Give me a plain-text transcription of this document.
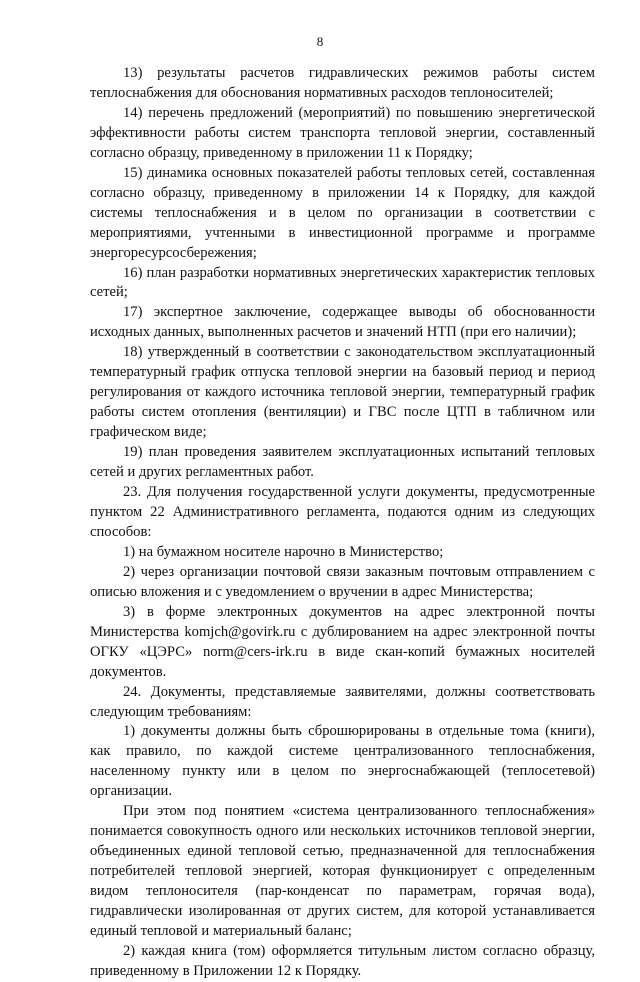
8

13) результаты расчетов гидравлических режимов работы систем теплоснабжения для обоснования нормативных расходов теплоносителей;

14) перечень предложений (мероприятий) по повышению энергетической эффективности работы систем транспорта тепловой энергии, составленный согласно образцу, приведенному в приложении 11 к Порядку;

15) динамика основных показателей работы тепловых сетей, составленная согласно образцу, приведенному в приложении 14 к Порядку, для каждой системы теплоснабжения и в целом по организации в соответствии с мероприятиями, учтенными в инвестиционной программе и программе энергоресурсосбережения;

16) план разработки нормативных энергетических характеристик тепловых сетей;

17) экспертное заключение, содержащее выводы об обоснованности исходных данных, выполненных расчетов и значений НТП (при его наличии);

18) утвержденный в соответствии с законодательством эксплуатационный температурный график отпуска тепловой энергии на базовый период и период регулирования от каждого источника тепловой энергии, температурный график работы систем отопления (вентиляции) и ГВС после ЦТП в табличном или графическом виде;

19) план проведения заявителем эксплуатационных испытаний тепловых сетей и других регламентных работ.

23. Для получения государственной услуги документы, предусмотренные пунктом 22 Административного регламента, подаются одним из следующих способов:

1) на бумажном носителе нарочно в Министерство;

2) через организации почтовой связи заказным почтовым отправлением с описью вложения и с уведомлением о вручении в адрес Министерства;

3) в форме электронных документов на адрес электронной почты Министерства komjch@govirk.ru с дублированием на адрес электронной почты ОГКУ «ЦЭРС» norm@cers-irk.ru в виде скан-копий бумажных носителей документов.

24. Документы, представляемые заявителями, должны соответствовать следующим требованиям:

1) документы должны быть сброшюрированы в отдельные тома (книги), как правило, по каждой системе централизованного теплоснабжения, населенному пункту или в целом по энергоснабжающей (теплосетевой) организации.

При этом под понятием «система централизованного теплоснабжения» понимается совокупность одного или нескольких источников тепловой энергии, объединенных единой тепловой сетью, предназначенной для теплоснабжения потребителей тепловой энергией, которая функционирует с определенным видом теплоносителя (пар-конденсат по параметрам, горячая вода), гидравлически изолированная от других систем, для которой устанавливается единый тепловой и материальный баланс;

2) каждая книга (том) оформляется титульным листом согласно образцу, приведенному в Приложении 12 к Порядку.
